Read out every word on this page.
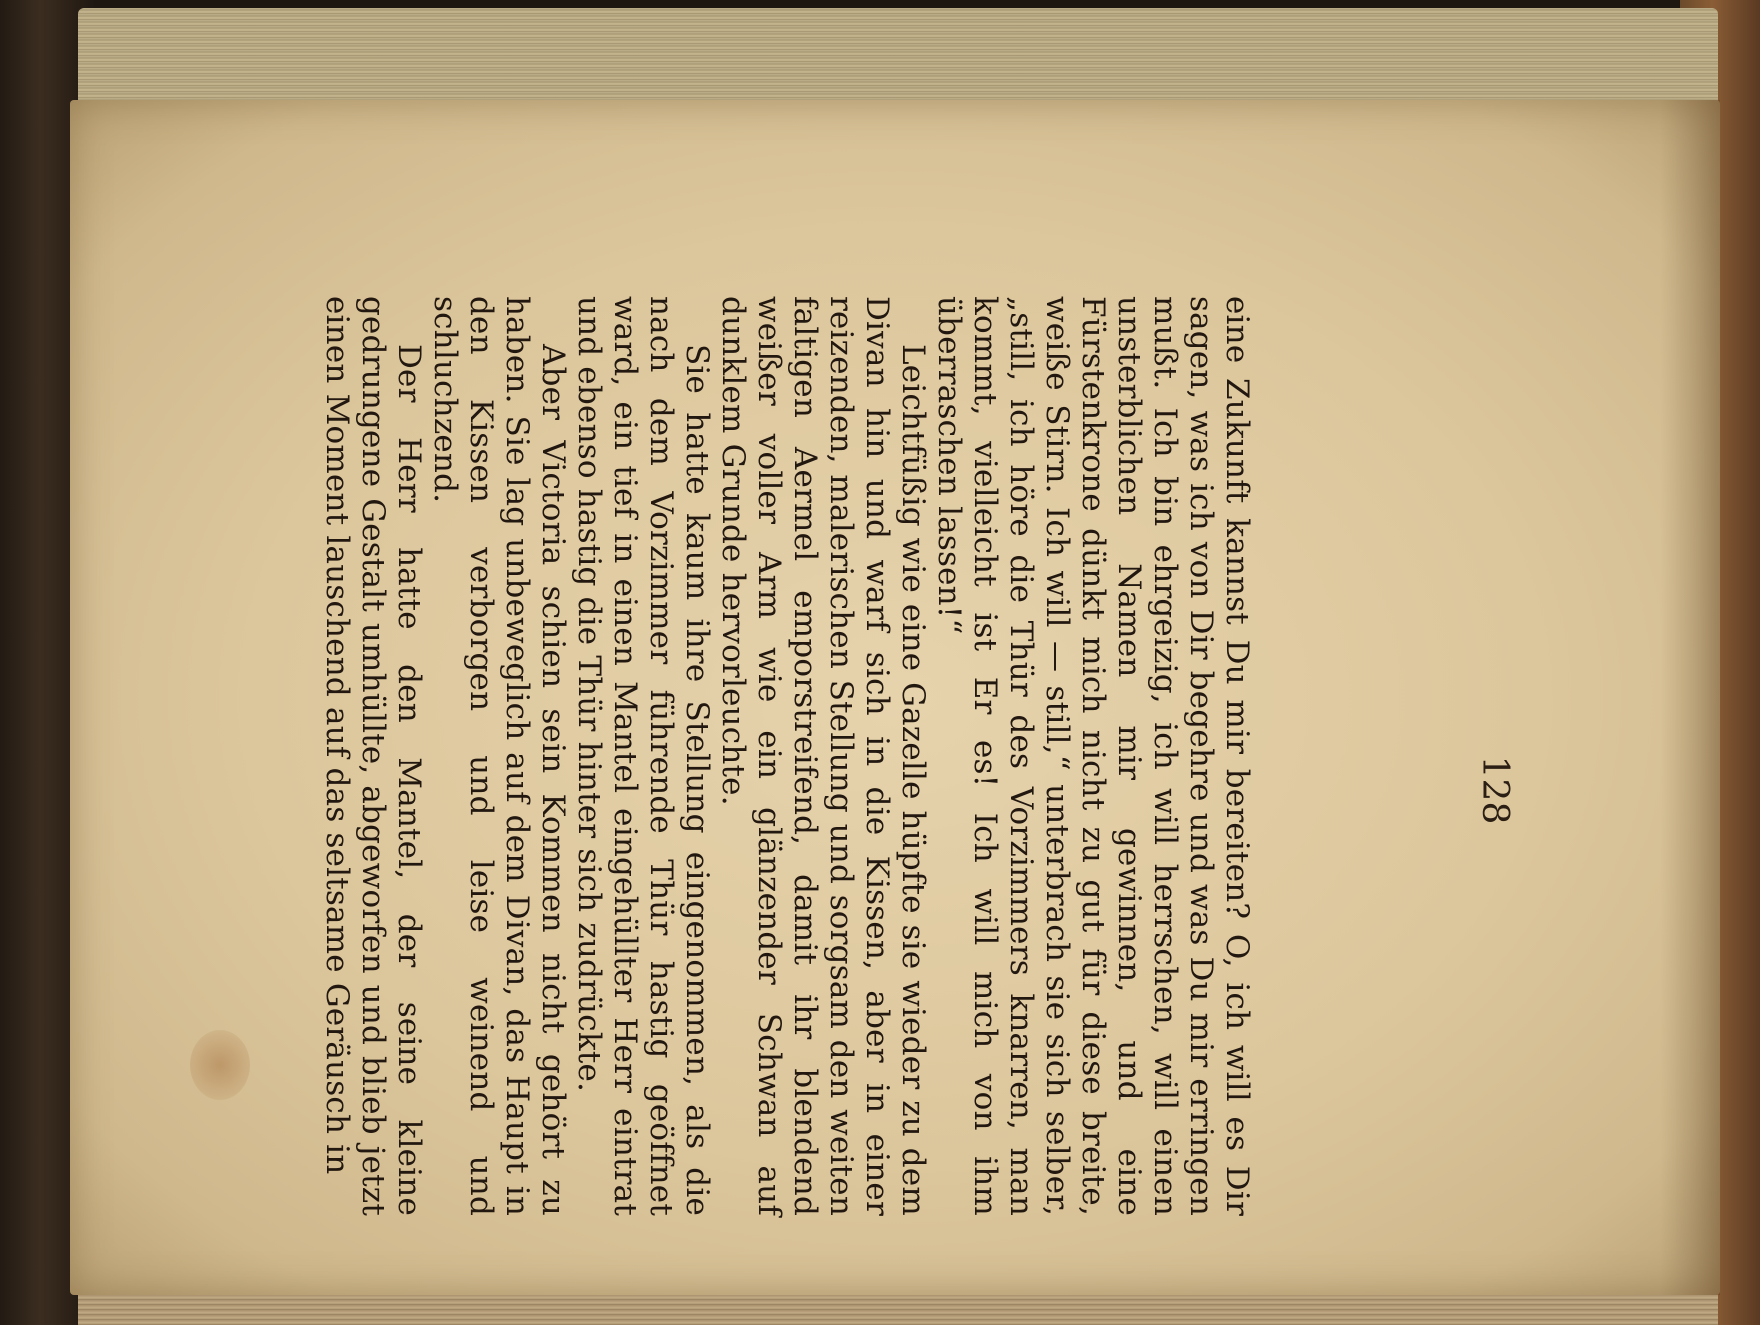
128

eine Zukunft kannst Du mir bereiten? O, ich will es Dir sagen, was ich von Dir begehre und was Du mir erringen mußt. Ich bin ehrgeizig, ich will herrschen, will einen unsterblichen Namen mir gewinnen, und eine Fürstenkrone dünkt mich nicht zu gut für diese breite, weiße Stirn. Ich will — still,“ unterbrach sie sich selber, „still, ich höre die Thür des Vorzimmers knarren, man kommt, vielleicht ist Er es! Ich will mich von ihm überraschen lassen!“

Leichtfüßig wie eine Gazelle hüpfte sie wieder zu dem Divan hin und warf sich in die Kissen, aber in einer reizenden, malerischen Stellung und sorgsam den weiten faltigen Aermel emporstreifend, damit ihr blendend weißer voller Arm wie ein glänzender Schwan auf dunklem Grunde hervorleuchte.

Sie hatte kaum ihre Stellung eingenommen, als die nach dem Vorzimmer führende Thür hastig geöffnet ward, ein tief in einen Mantel eingehüllter Herr eintrat und ebenso hastig die Thür hinter sich zudrückte.

Aber Victoria schien sein Kommen nicht gehört zu haben. Sie lag unbeweglich auf dem Divan, das Haupt in den Kissen verborgen und leise weinend und schluchzend.

Der Herr hatte den Mantel, der seine kleine gedrungene Gestalt umhüllte, abgeworfen und blieb jetzt einen Moment lauschend auf das seltsame Geräusch in
